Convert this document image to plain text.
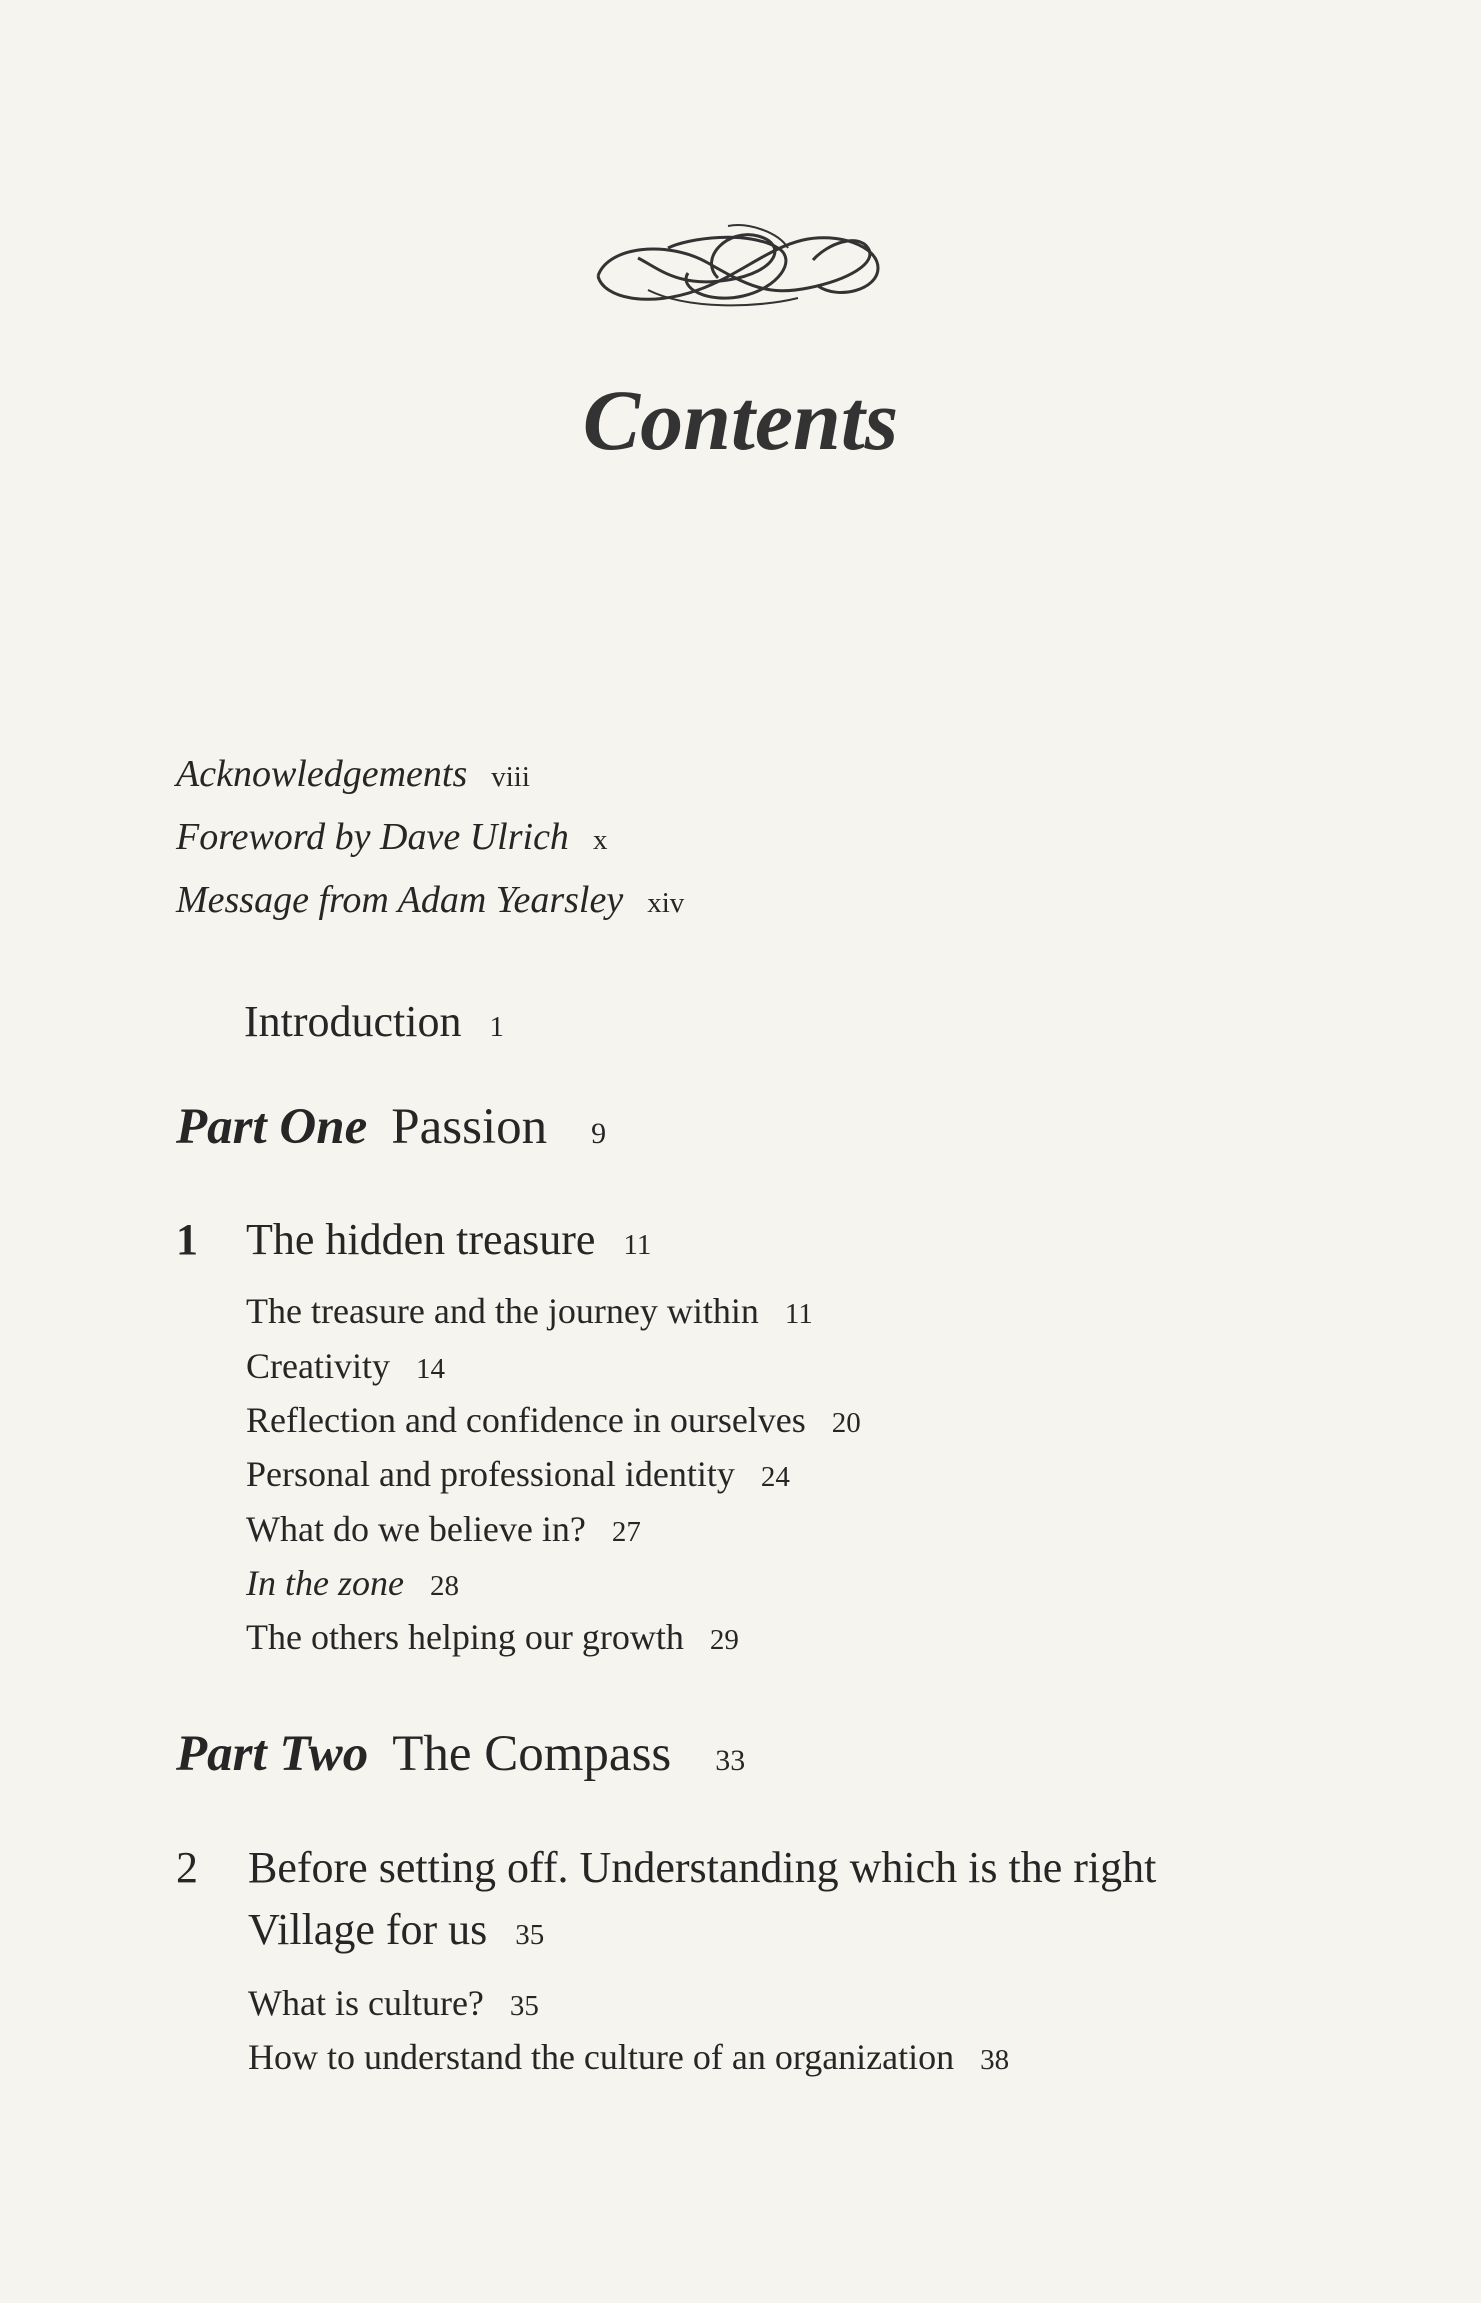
Contents
Acknowledgements viii
Foreword by Dave Ulrich x
Message from Adam Yearsley xiv
Introduction 1
Part One Passion 9
1 The hidden treasure 11
The treasure and the journey within 11
Creativity 14
Reflection and confidence in ourselves 20
Personal and professional identity 24
What do we believe in? 27
In the zone 28
The others helping our growth 29
Part Two The Compass 33
2 Before setting off. Understanding which is the right
Village for us 35
What is culture? 35
How to understand the culture of an organization 38
